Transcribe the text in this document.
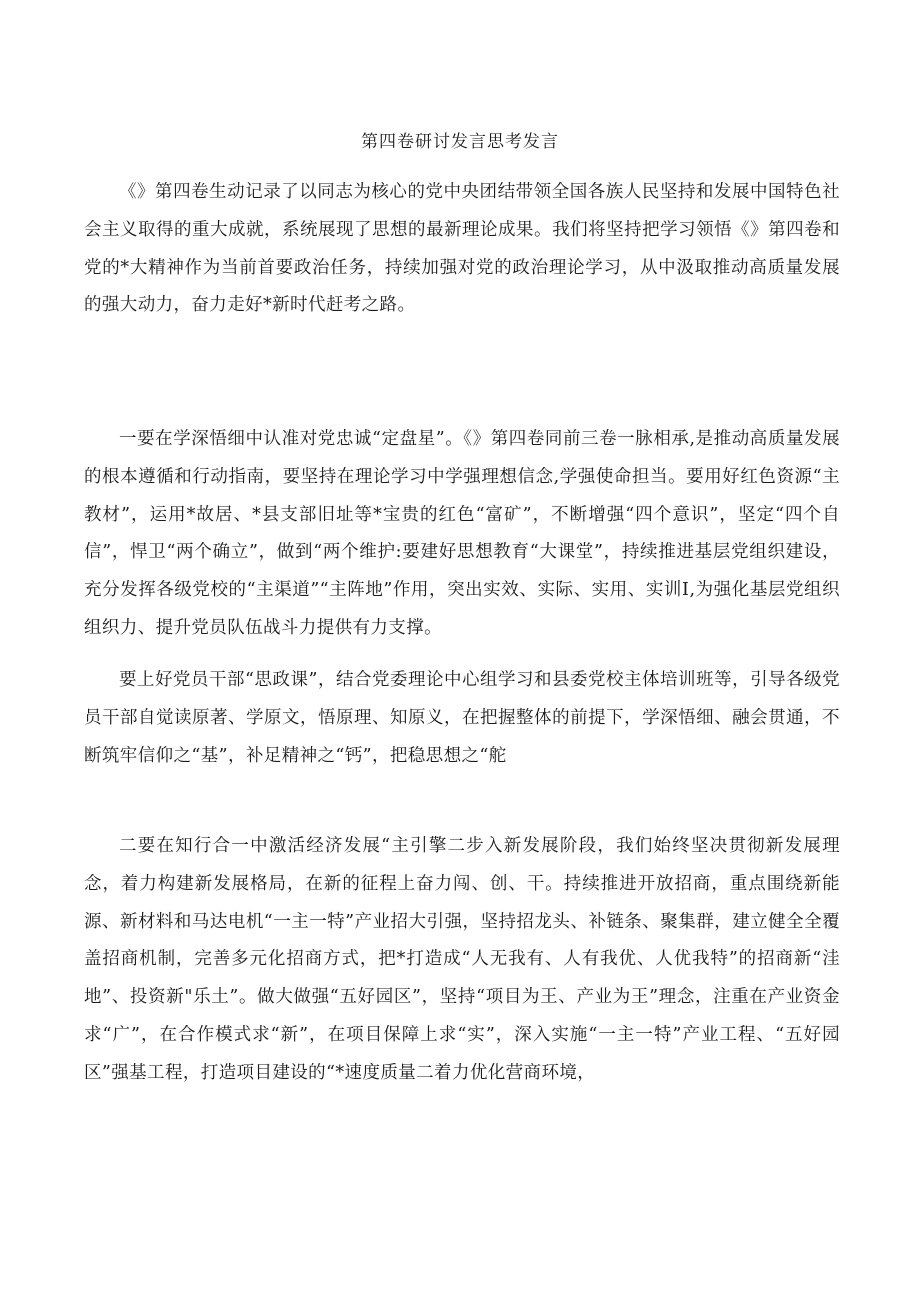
第四卷研讨发言思考发言

《》第四卷生动记录了以同志为核心的党中央团结带领全国各族人民坚持和发展中国特色社会主义取得的重大成就，系统展现了思想的最新理论成果。我们将坚持把学习领悟《》第四卷和党的*大精神作为当前首要政治任务，持续加强对党的政治理论学习，从中汲取推动高质量发展的强大动力，奋力走好*新时代赶考之路。

一要在学深悟细中认准对党忠诚“定盘星”。《》第四卷同前三卷一脉相承,是推动高质量发展的根本遵循和行动指南，要坚持在理论学习中学强理想信念,学强使命担当。要用好红色资源“主教材”，运用*故居、*县支部旧址等*宝贵的红色“富矿”，不断增强“四个意识”，坚定“四个自信”，悍卫“两个确立”，做到“两个维护:要建好思想教育“大课堂”，持续推进基层党组织建设，充分发挥各级党校的“主渠道”“主阵地”作用，突出实效、实际、实用、实训Ⅰ,为强化基层党组织组织力、提升党员队伍战斗力提供有力支撑。

要上好党员干部“思政课”，结合党委理论中心组学习和县委党校主体培训班等，引导各级党员干部自觉读原著、学原文，悟原理、知原义，在把握整体的前提下，学深悟细、融会贯通，不断筑牢信仰之“基”，补足精神之“钙”，把稳思想之“舵

二要在知行合一中激活经济发展“主引擎二步入新发展阶段，我们始终坚决贯彻新发展理念，着力构建新发展格局，在新的征程上奋力闯、创、干。持续推进开放招商，重点围绕新能源、新材料和马达电机“一主一特”产业招大引强，坚持招龙头、补链条、聚集群，建立健全全覆盖招商机制，完善多元化招商方式，把*打造成“人无我有、人有我优、人优我特”的招商新“洼地”、投资新"乐土”。做大做强“五好园区”，坚持“项目为王、产业为王”理念，注重在产业资金求“广”，在合作模式求“新”，在项目保障上求“实”，深入实施“一主一特”产业工程、“五好园区”强基工程，打造项目建设的“*速度质量二着力优化营商环境，
